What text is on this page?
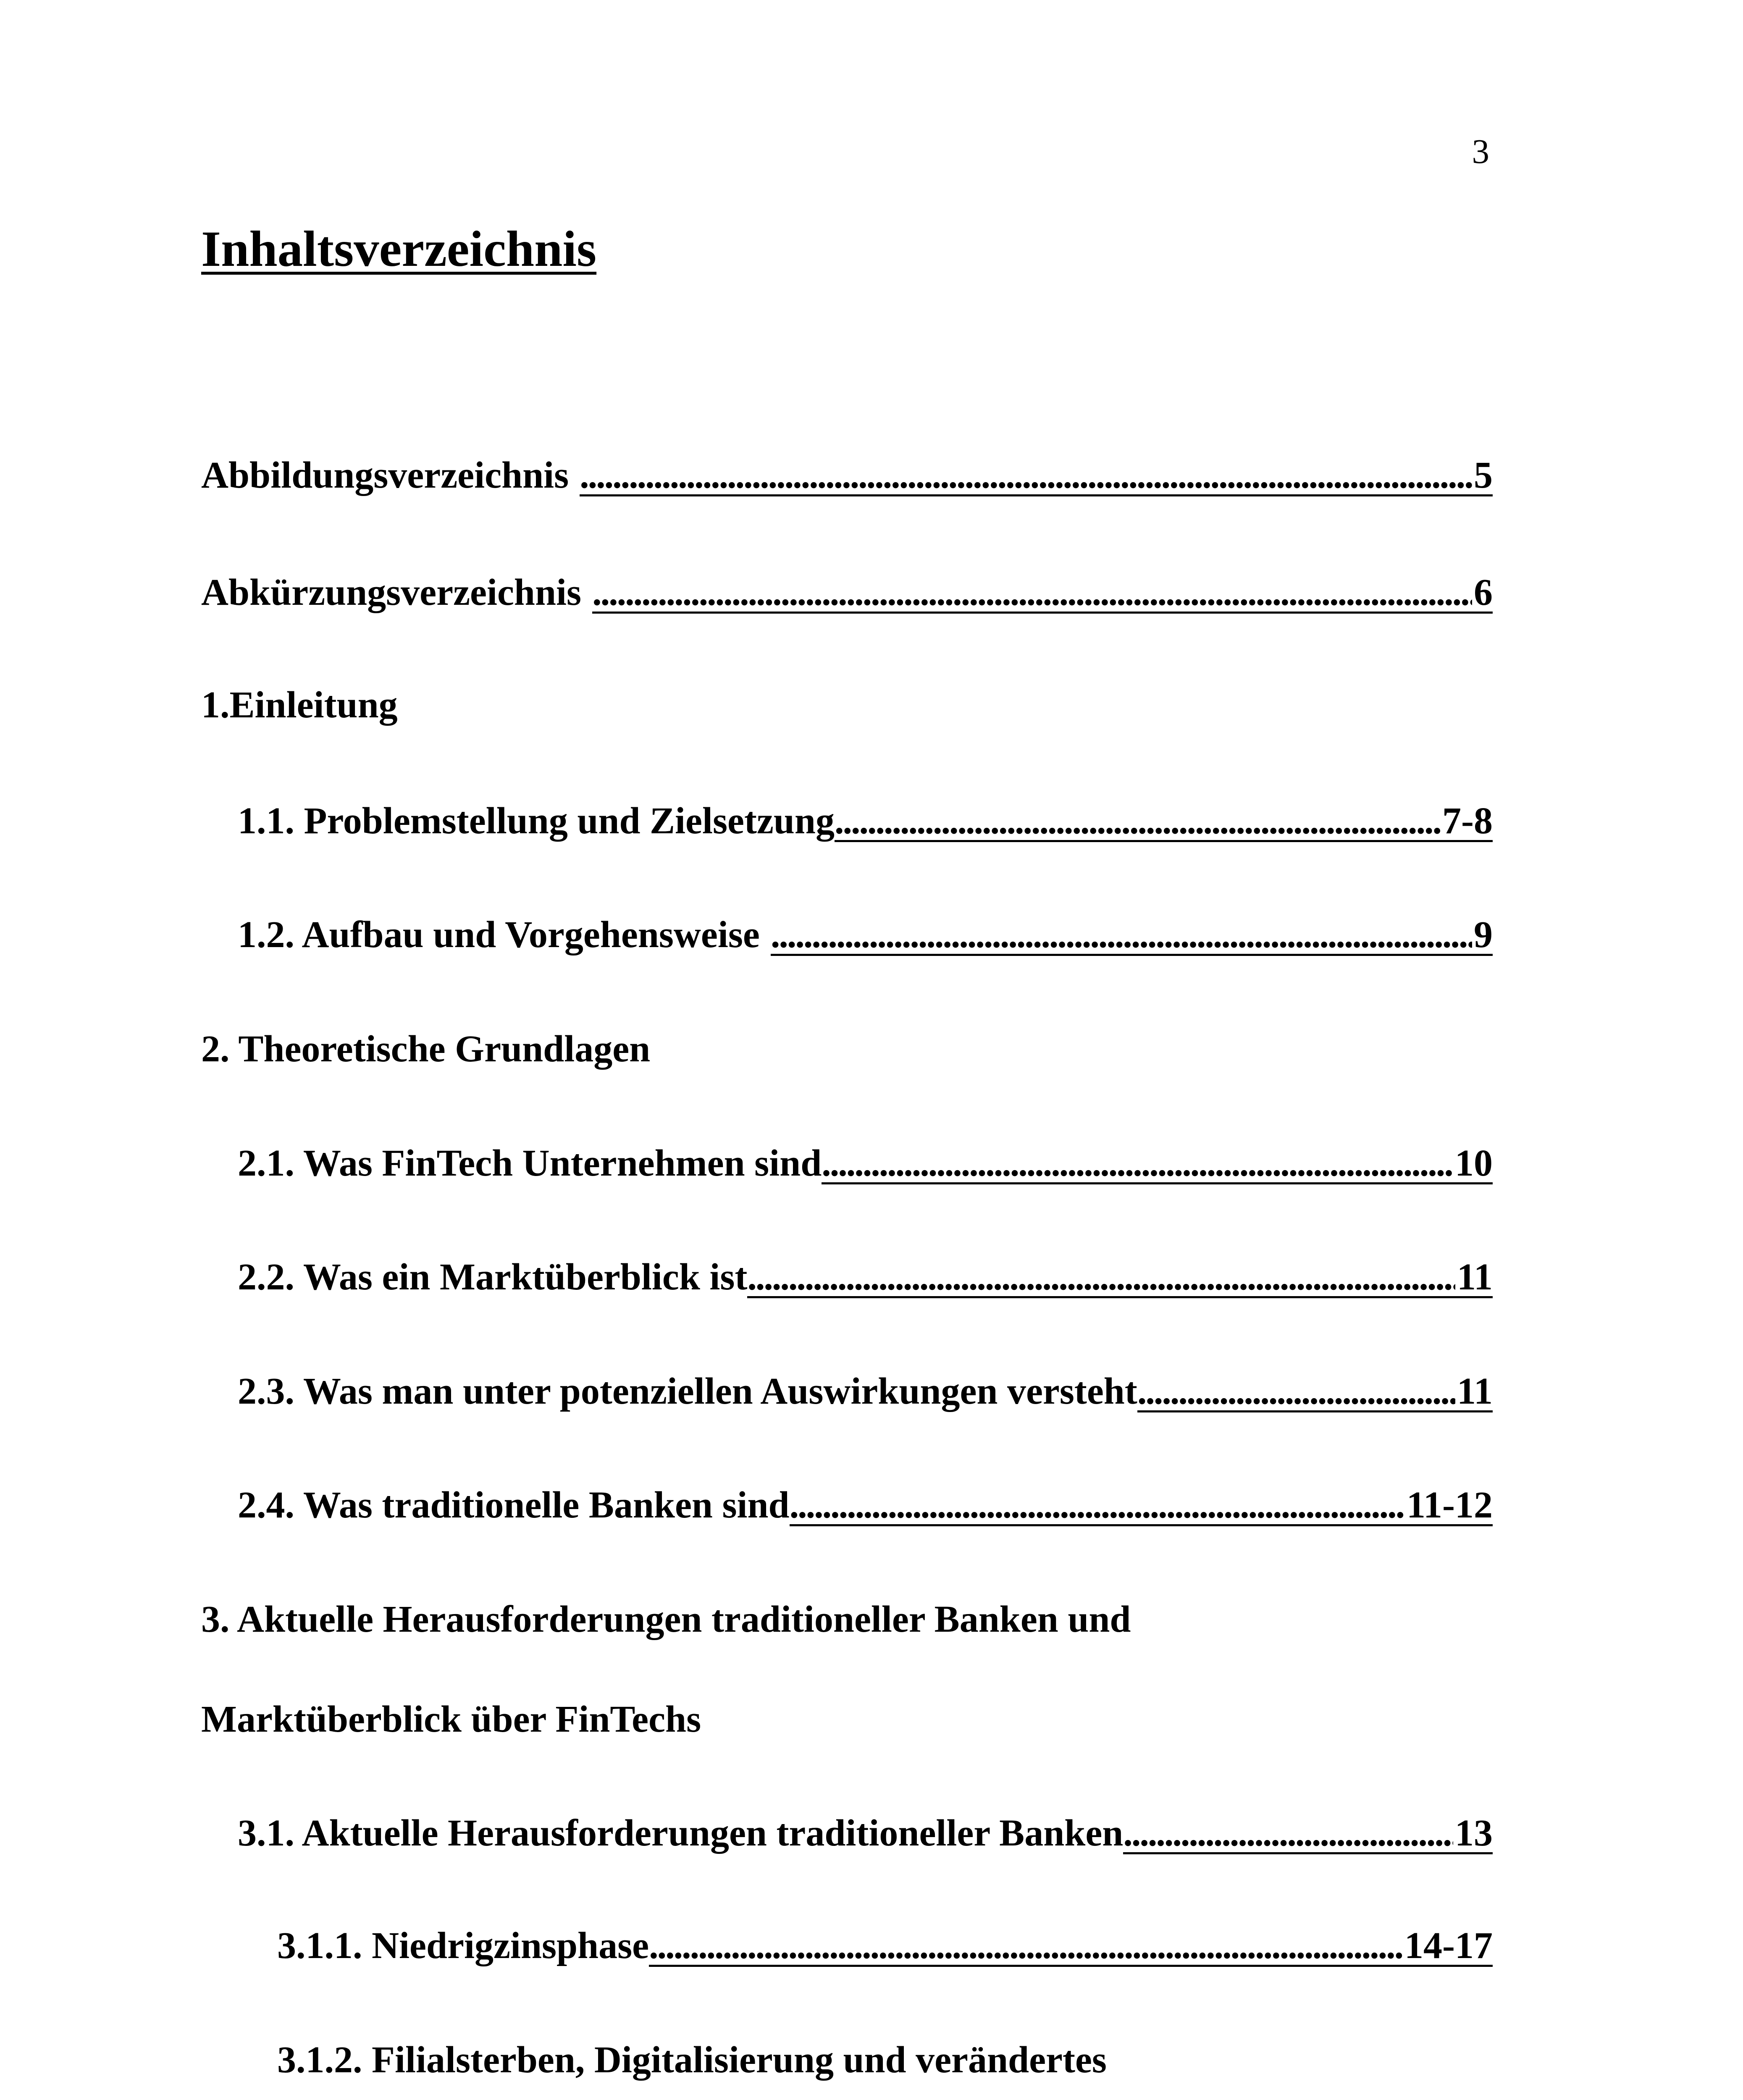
3
Inhaltsverzeichnis
Abbildungsverzeichnis .....	5
Abkürzungsverzeichnis .....	6
1.Einleitung
1.1. Problemstellung und Zielsetzung .....	7-8
1.2. Aufbau und Vorgehensweise .....	9
2. Theoretische Grundlagen
2.1. Was FinTech Unternehmen sind .....	10
2.2. Was ein Marktüberblick ist .....	11
2.3. Was man unter potenziellen Auswirkungen versteht .....	11
2.4. Was traditionelle Banken sind .....	11-12
3. Aktuelle Herausforderungen traditioneller Banken und
Marktüberblick über FinTechs
3.1. Aktuelle Herausforderungen traditioneller Banken .....	13
3.1.1. Niedrigzinsphase .....	14-17
3.1.2. Filialsterben, Digitalisierung und verändertes
